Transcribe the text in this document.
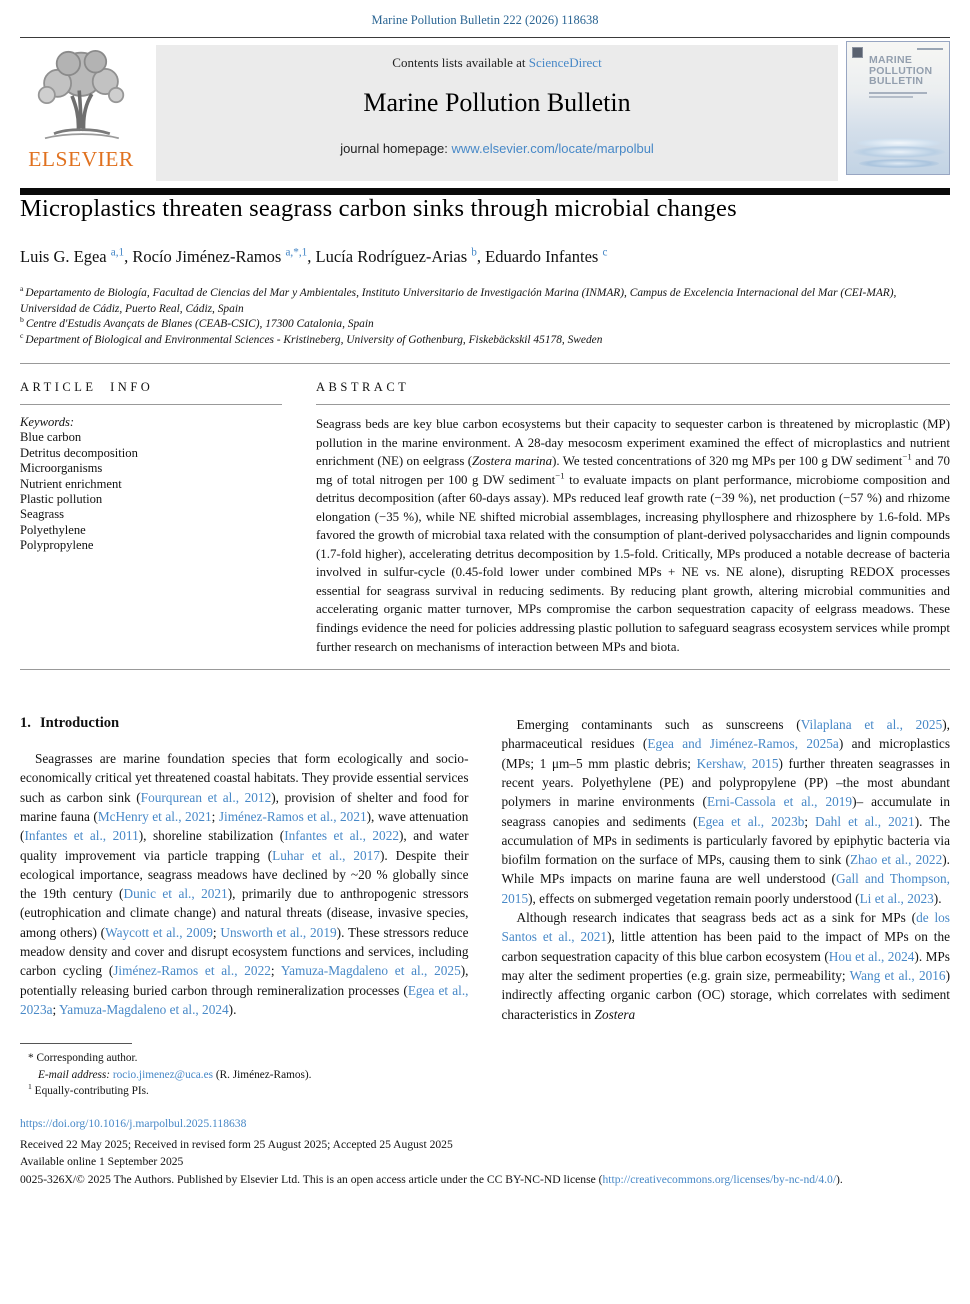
Marine Pollution Bulletin 222 (2026) 118638
ELSEVIER
Contents lists available at ScienceDirect
Marine Pollution Bulletin
journal homepage: www.elsevier.com/locate/marpolbul
MARINE
POLLUTION
BULLETIN
Microplastics threaten seagrass carbon sinks through microbial changes
Luis G. Egea $^{a,1}$, Rocío Jiménez-Ramos $^{a,*,1}$, Lucía Rodríguez-Arias $^b$, Eduardo Infantes $^c$

$^a$ Departamento de Biología, Facultad de Ciencias del Mar y Ambientales, Instituto Universitario de Investigación Marina (INMAR), Campus de Excelencia Internacional del Mar (CEI-MAR), Universidad de Cádiz, Puerto Real, Cádiz, Spain

$^b$ Centre d'Estudis Avançats de Blanes (CEAB-CSIC), 17300 Catalonia, Spain

$^c$ Department of Biological and Environmental Sciences - Kristineberg, University of Gothenburg, Fiskebäckskil 45178, Sweden

ARTICLE INFO
Keywords:
Blue carbon
Detritus decomposition
Microorganisms
Nutrient enrichment
Plastic pollution
Seagrass
Polyethylene
Polypropylene
ABSTRACT
Seagrass beds are key blue carbon ecosystems but their capacity to sequester carbon is threatened by microplastic (MP) pollution in the marine environment. A 28-day mesocosm experiment examined the effect of microplastics and nutrient enrichment (NE) on eelgrass (Zostera marina). We tested concentrations of 320 mg MPs per 100 g DW sediment$^{-1}$ and 70 mg of total nitrogen per 100 g DW sediment$^{-1}$ to evaluate impacts on plant performance, microbiome composition and detritus decomposition (after 60-days assay). MPs reduced leaf growth rate (−39 %), net production (−57 %) and rhizome elongation (−35 %), while NE shifted microbial assemblages, increasing phyllosphere and rhizosphere by 1.6-fold. MPs favored the growth of microbial taxa related with the consumption of plant-derived polysaccharides and lignin compounds (1.7-fold higher), accelerating detritus decomposition by 1.5-fold. Critically, MPs produced a notable decrease of bacteria involved in sulfur-cycle (0.45-fold lower under combined MPs + NE vs. NE alone), disrupting REDOX processes essential for seagrass survival in reducing sediments. By reducing plant growth, altering microbial communities and accelerating organic matter turnover, MPs compromise the carbon sequestration capacity of eelgrass meadows. These findings evidence the need for policies addressing plastic pollution to safeguard seagrass ecosystem services while prompt further research on mechanisms of interaction between MPs and biota.
1. Introduction

Seagrasses are marine foundation species that form ecologically and socio-economically critical yet threatened coastal habitats. They provide essential services such as carbon sink (Fourqurean et al., 2012), provision of shelter and food for marine fauna (McHenry et al., 2021; Jiménez-Ramos et al., 2021), wave attenuation (Infantes et al., 2011), shoreline stabilization (Infantes et al., 2022), and water quality improvement via particle trapping (Luhar et al., 2017). Despite their ecological importance, seagrass meadows have declined by ~20 % globally since the 19th century (Dunic et al., 2021), primarily due to anthropogenic stressors (eutrophication and climate change) and natural threats (disease, invasive species, among others) (Waycott et al., 2009; Unsworth et al., 2019). These stressors reduce meadow density and cover and disrupt ecosystem functions and services, including carbon cycling (Jiménez-Ramos et al., 2022; Yamuza-Magdaleno et al., 2025), potentially releasing buried carbon through remineralization processes (Egea et al., 2023a; Yamuza-Magdaleno et al., 2024).

Emerging contaminants such as sunscreens (Vilaplana et al., 2025), pharmaceutical residues (Egea and Jiménez-Ramos, 2025a) and microplastics (MPs; 1 μm–5 mm plastic debris; Kershaw, 2015) further threaten seagrasses in recent years. Polyethylene (PE) and polypropylene (PP) –the most abundant polymers in marine environments (Erni-Cassola et al., 2019)– accumulate in seagrass canopies and sediments (Egea et al., 2023b; Dahl et al., 2021). The accumulation of MPs in sediments is particularly favored by epiphytic bacteria via biofilm formation on the surface of MPs, causing them to sink (Zhao et al., 2022). While MPs impacts on marine fauna are well understood (Gall and Thompson, 2015), effects on submerged vegetation remain poorly understood (Li et al., 2023).

Although research indicates that seagrass beds act as a sink for MPs (de los Santos et al., 2021), little attention has been paid to the impact of MPs on the carbon sequestration capacity of this blue carbon ecosystem (Hou et al., 2024). MPs may alter the sediment properties (e.g. grain size, permeability; Wang et al., 2016) indirectly affecting organic carbon (OC) storage, which correlates with sediment characteristics in Zostera

* Corresponding author.
E-mail address: rocio.jimenez@uca.es (R. Jiménez-Ramos).
$^1$ Equally-contributing PIs.
https://doi.org/10.1016/j.marpolbul.2025.118638
Received 22 May 2025; Received in revised form 25 August 2025; Accepted 25 August 2025
Available online 1 September 2025
0025-326X/© 2025 The Authors. Published by Elsevier Ltd. This is an open access article under the CC BY-NC-ND license (http://creativecommons.org/licenses/by-nc-nd/4.0/).
